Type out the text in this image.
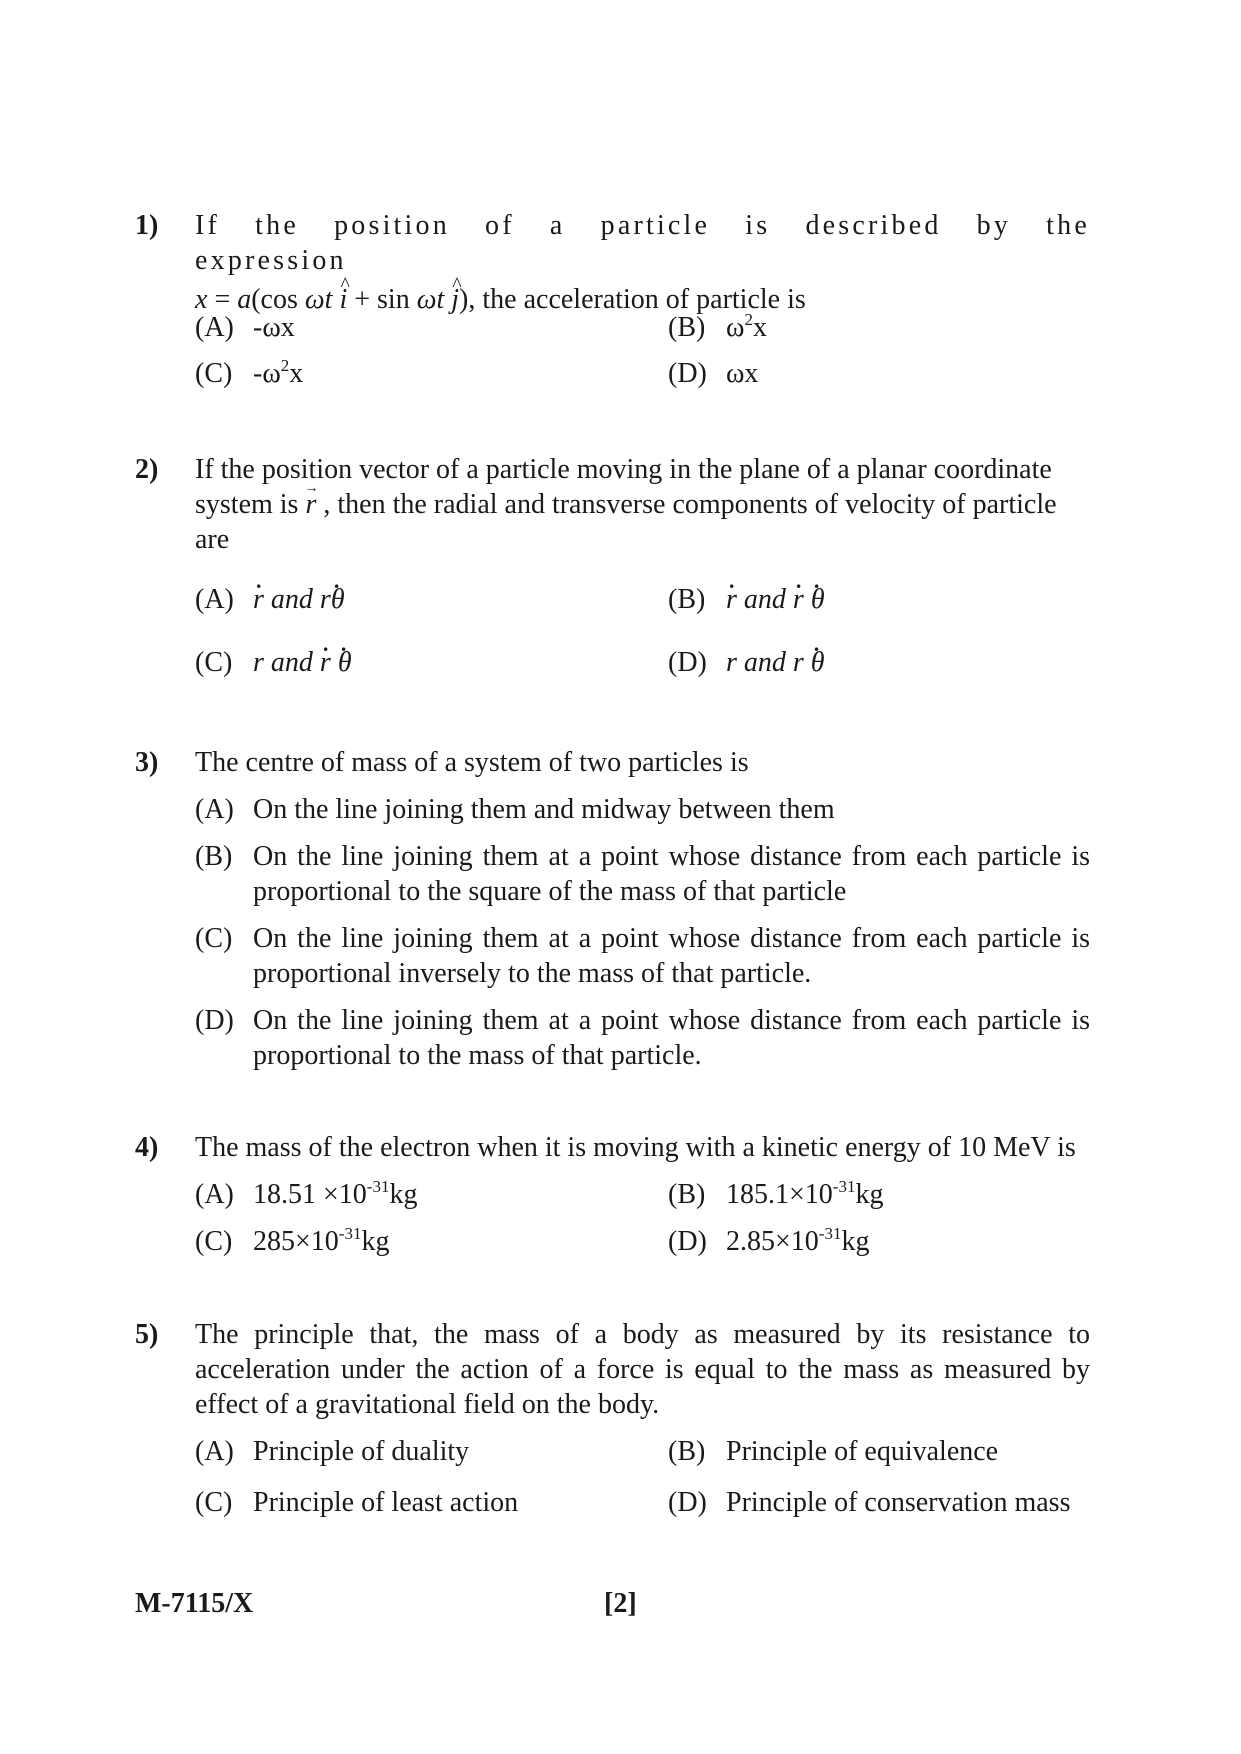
1) If the position of a particle is described by the expression
x = a(cos ωt ^ i + sin ωt ^ j), the acceleration of particle is
(A) -ωx	(B) $\omega^2x$
(C) $-\omega^2x$	(D) ωx
2) If the position vector of a particle moving in the plane of a planar coordinate
system is → r , then the radial and transverse components of velocity of particle
are
(A) . r and r. θ	(B) . r and . r . θ
(C) r and . r . θ	(D) r and r . θ
3) The centre of mass of a system of two particles is
(A) On the line joining them and midway between them
(B) On the line joining them at a point whose distance from each particle is proportional to the square of the mass of that particle
(C) On the line joining them at a point whose distance from each particle is proportional inversely to the mass of that particle.
(D) On the line joining them at a point whose distance from each particle is proportional to the mass of that particle.
4) The mass of the electron when it is moving with a kinetic energy of 10 MeV is
(A) $18.51 \times 10^{-31}kg$	(B) $185.1\times 10^{-31}kg$
(C) $285\times 10^{-31}kg$	(D) $2.85\times 10^{-31}kg$
5) The principle that, the mass of a body as measured by its resistance to acceleration under the action of a force is equal to the mass as measured by effect of a gravitational field on the body.
(A) Principle of duality	(B) Principle of equivalence
(C) Principle of least action	(D) Principle of conservation mass
M-7115/X	[2]
